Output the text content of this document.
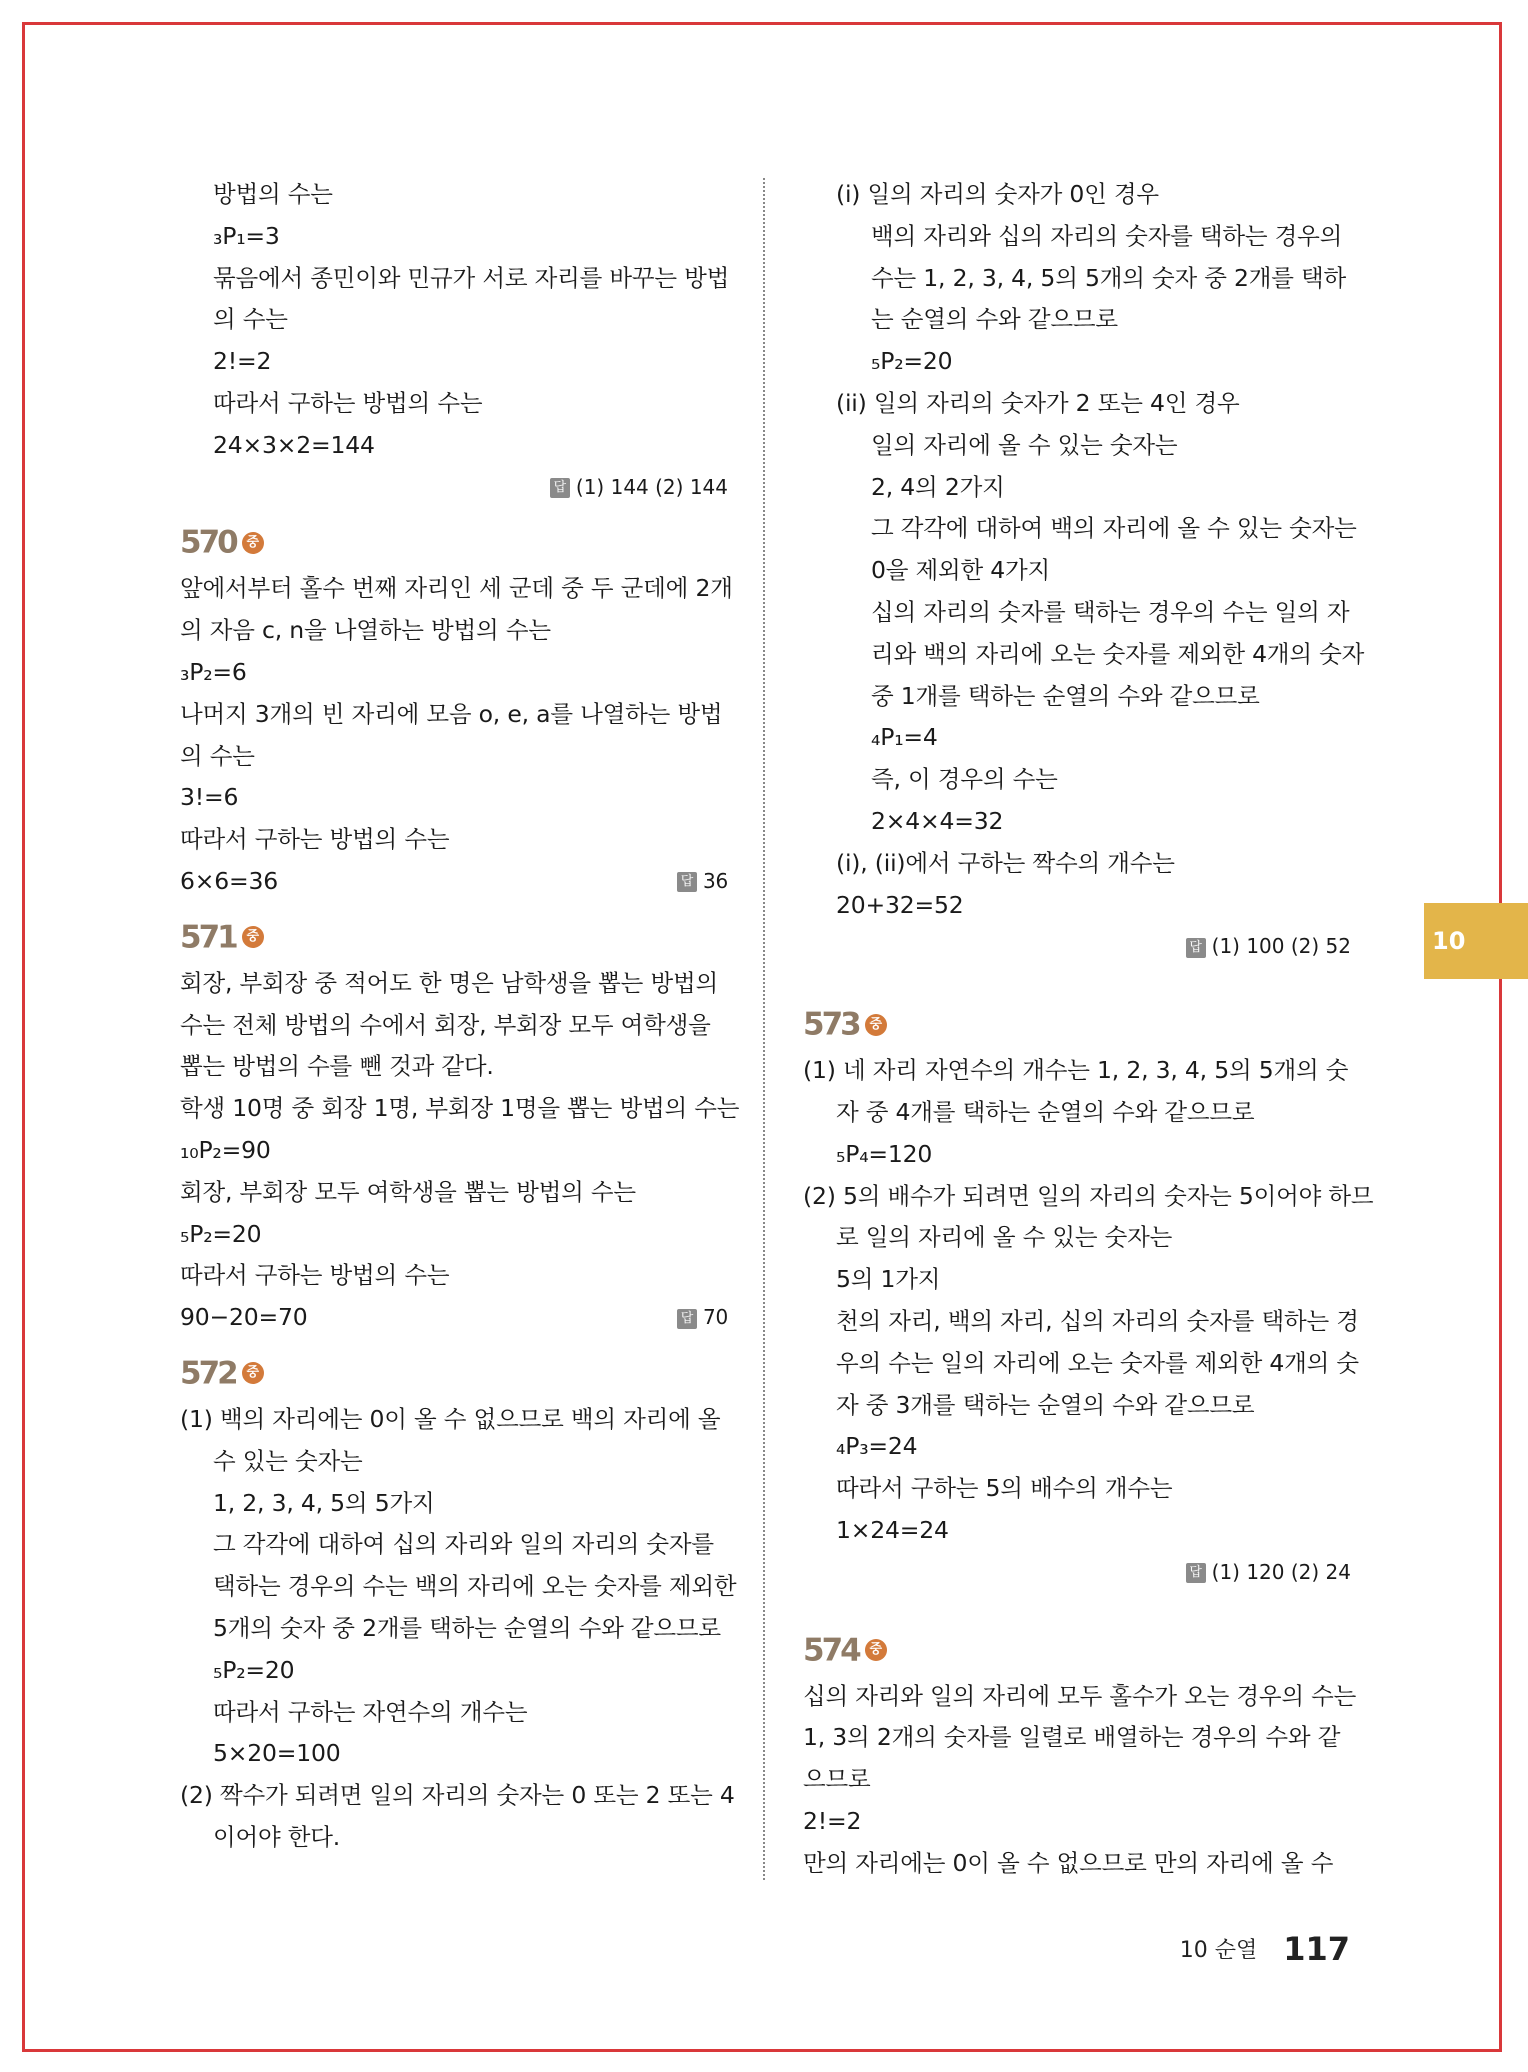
방법의 수는
₃P₁=3
묶음에서 종민이와 민규가 서로 자리를 바꾸는 방법
의 수는
2!=2
따라서 구하는 방법의 수는
24×3×2=144
답 (1) 144 (2) 144
570 중
앞에서부터 홀수 번째 자리인 세 군데 중 두 군데에 2개
의 자음 c, n을 나열하는 방법의 수는
₃P₂=6
나머지 3개의 빈 자리에 모음 o, e, a를 나열하는 방법
의 수는
3!=6
따라서 구하는 방법의 수는
6×6=36	답 36
571 중
회장, 부회장 중 적어도 한 명은 남학생을 뽑는 방법의
수는 전체 방법의 수에서 회장, 부회장 모두 여학생을
뽑는 방법의 수를 뺀 것과 같다.
학생 10명 중 회장 1명, 부회장 1명을 뽑는 방법의 수는
₁₀P₂=90
회장, 부회장 모두 여학생을 뽑는 방법의 수는
₅P₂=20
따라서 구하는 방법의 수는
90−20=70	답 70
572 중
(1) 백의 자리에는 0이 올 수 없으므로 백의 자리에 올
수 있는 숫자는
1, 2, 3, 4, 5의 5가지
그 각각에 대하여 십의 자리와 일의 자리의 숫자를
택하는 경우의 수는 백의 자리에 오는 숫자를 제외한
5개의 숫자 중 2개를 택하는 순열의 수와 같으므로
₅P₂=20
따라서 구하는 자연수의 개수는
5×20=100
(2) 짝수가 되려면 일의 자리의 숫자는 0 또는 2 또는 4
이어야 한다.
(i) 일의 자리의 숫자가 0인 경우
백의 자리와 십의 자리의 숫자를 택하는 경우의
수는 1, 2, 3, 4, 5의 5개의 숫자 중 2개를 택하
는 순열의 수와 같으므로
₅P₂=20
(ii) 일의 자리의 숫자가 2 또는 4인 경우
일의 자리에 올 수 있는 숫자는
2, 4의 2가지
그 각각에 대하여 백의 자리에 올 수 있는 숫자는
0을 제외한 4가지
십의 자리의 숫자를 택하는 경우의 수는 일의 자
리와 백의 자리에 오는 숫자를 제외한 4개의 숫자
중 1개를 택하는 순열의 수와 같으므로
₄P₁=4
즉, 이 경우의 수는
2×4×4=32
(i), (ii)에서 구하는 짝수의 개수는
20+32=52
답 (1) 100 (2) 52
573 중
(1) 네 자리 자연수의 개수는 1, 2, 3, 4, 5의 5개의 숫
자 중 4개를 택하는 순열의 수와 같으므로
₅P₄=120
(2) 5의 배수가 되려면 일의 자리의 숫자는 5이어야 하므
로 일의 자리에 올 수 있는 숫자는
5의 1가지
천의 자리, 백의 자리, 십의 자리의 숫자를 택하는 경
우의 수는 일의 자리에 오는 숫자를 제외한 4개의 숫
자 중 3개를 택하는 순열의 수와 같으므로
₄P₃=24
따라서 구하는 5의 배수의 개수는
1×24=24
답 (1) 120 (2) 24
574 중
십의 자리와 일의 자리에 모두 홀수가 오는 경우의 수는
1, 3의 2개의 숫자를 일렬로 배열하는 경우의 수와 같
으므로
2!=2
만의 자리에는 0이 올 수 없으므로 만의 자리에 올 수
10
10 순열 117
